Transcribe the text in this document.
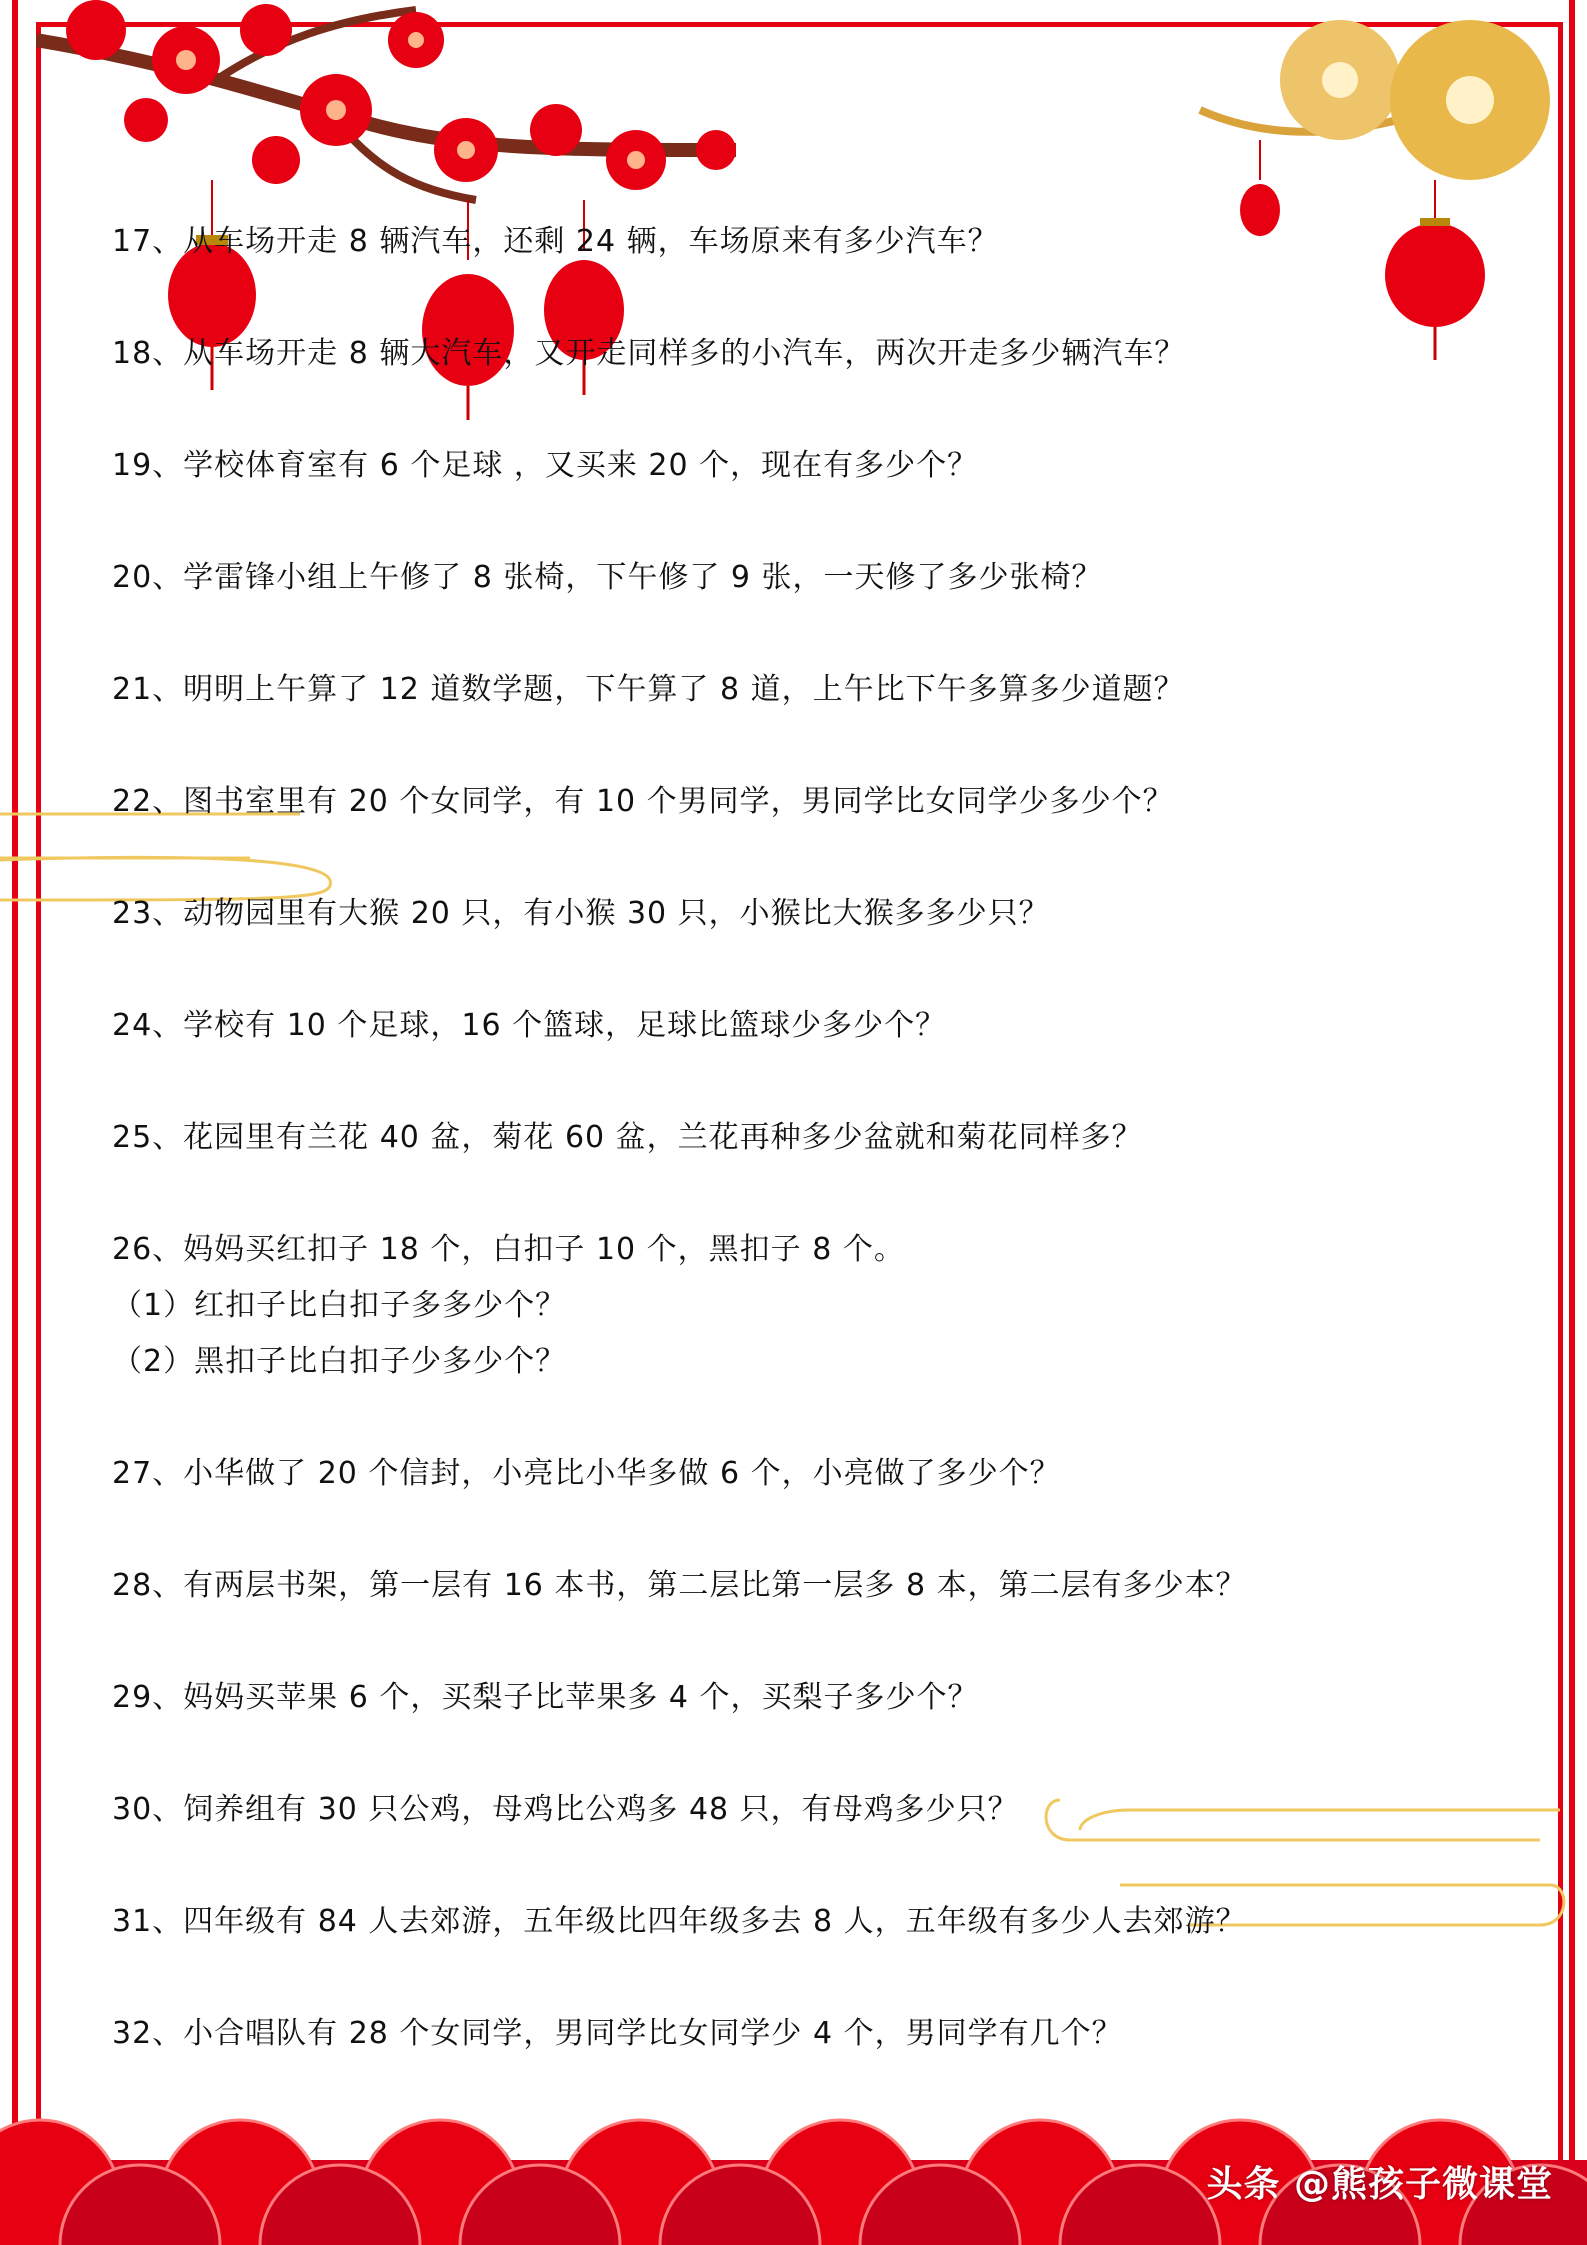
17、从车场开走 8 辆汽车，还剩 24 辆，车场原来有多少汽车？
18、从车场开走 8 辆大汽车，又开走同样多的小汽车，两次开走多少辆汽车？
19、学校体育室有 6 个足球 ，又买来 20 个，现在有多少个？
20、学雷锋小组上午修了 8 张椅，下午修了 9 张，一天修了多少张椅？
21、明明上午算了 12 道数学题，下午算了 8 道，上午比下午多算多少道题？
22、图书室里有 20 个女同学，有 10 个男同学，男同学比女同学少多少个？
23、动物园里有大猴 20 只，有小猴 30 只，小猴比大猴多多少只？
24、学校有 10 个足球，16 个篮球，足球比篮球少多少个？
25、花园里有兰花 40 盆，菊花 60 盆，兰花再种多少盆就和菊花同样多？
26、妈妈买红扣子 18 个，白扣子 10 个，黑扣子 8 个。
（1）红扣子比白扣子多多少个？
（2）黑扣子比白扣子少多少个？
27、小华做了 20 个信封，小亮比小华多做 6 个，小亮做了多少个？
28、有两层书架，第一层有 16 本书，第二层比第一层多 8 本，第二层有多少本？
29、妈妈买苹果 6 个，买梨子比苹果多 4 个，买梨子多少个？
30、饲养组有 30 只公鸡，母鸡比公鸡多 48 只，有母鸡多少只？
31、四年级有 84 人去郊游，五年级比四年级多去 8 人，五年级有多少人去郊游？
32、小合唱队有 28 个女同学，男同学比女同学少 4 个，男同学有几个？
头条 @熊孩子微课堂
